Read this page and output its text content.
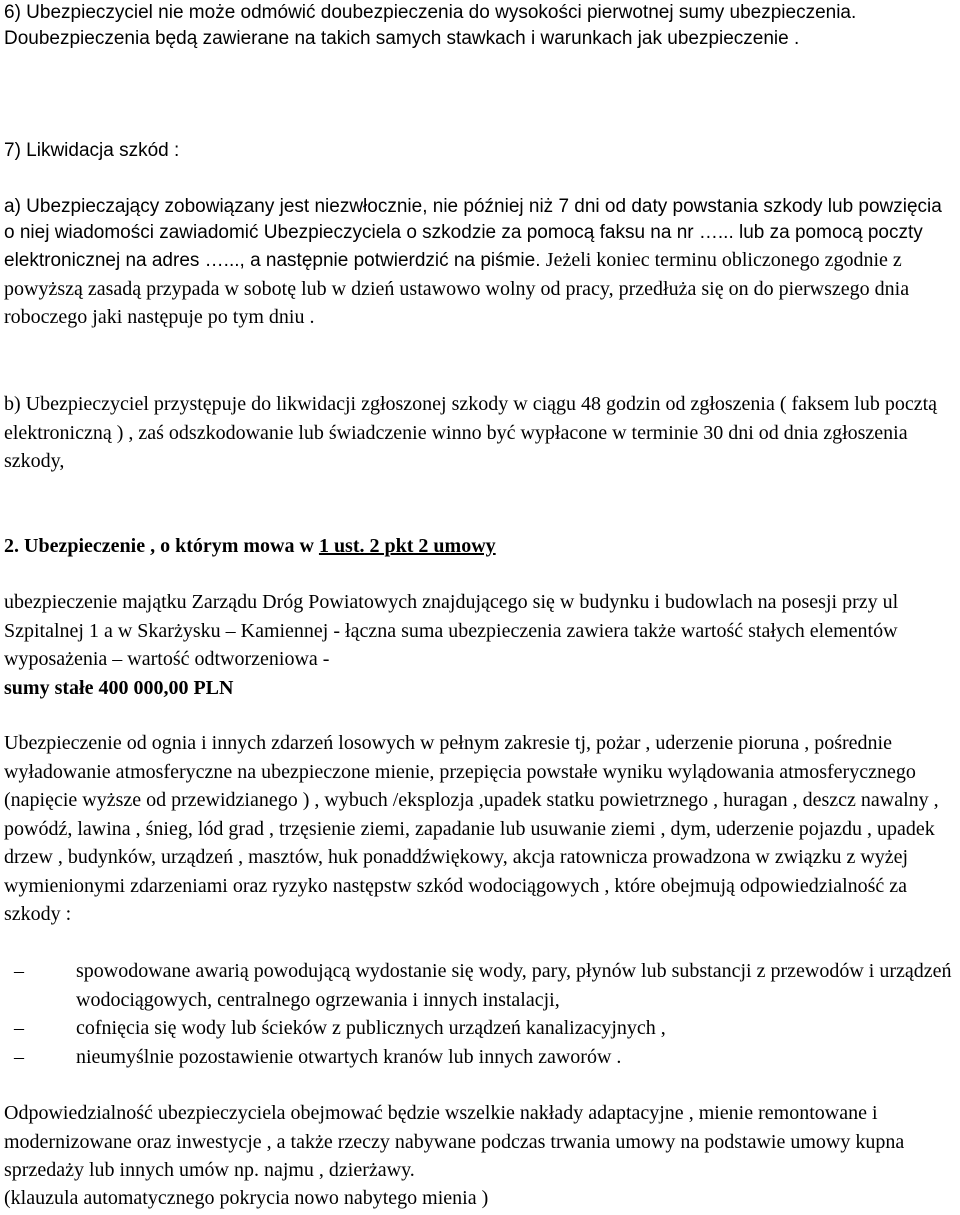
6) Ubezpieczyciel nie może odmówić doubezpieczenia do wysokości pierwotnej sumy ubezpieczenia. Doubezpieczenia będą zawierane na takich samych stawkach i warunkach jak ubezpieczenie .

7) Likwidacja szkód :

a) Ubezpieczający zobowiązany jest niezwłocznie, nie później niż 7 dni od daty powstania szkody lub powzięcia o niej wiadomości zawiadomić Ubezpieczyciela o szkodzie za pomocą faksu na nr …... lub za pomocą poczty elektronicznej na adres …..., a następnie potwierdzić na piśmie. Jeżeli koniec terminu obliczonego zgodnie z powyższą zasadą przypada w sobotę lub w dzień ustawowo wolny od pracy, przedłuża się on do pierwszego dnia roboczego jaki następuje po tym dniu .

b) Ubezpieczyciel przystępuje do likwidacji zgłoszonej szkody w ciągu 48 godzin od zgłoszenia ( faksem lub pocztą elektroniczną ) , zaś odszkodowanie lub świadczenie winno być wypłacone w terminie 30 dni od dnia zgłoszenia szkody,

2. Ubezpieczenie , o którym mowa w 1 ust. 2 pkt 2 umowy

ubezpieczenie majątku Zarządu Dróg Powiatowych znajdującego się w budynku i budowlach na posesji przy ul Szpitalnej 1 a w Skarżysku – Kamiennej - łączna suma ubezpieczenia zawiera także wartość stałych elementów wyposażenia – wartość odtworzeniowa -

sumy stałe 400 000,00 PLN

Ubezpieczenie od ognia i innych zdarzeń losowych w pełnym zakresie tj, pożar , uderzenie pioruna , pośrednie wyładowanie atmosferyczne na ubezpieczone mienie, przepięcia powstałe wyniku wylądowania atmosferycznego (napięcie wyższe od przewidzianego ) , wybuch /eksplozja ,upadek statku powietrznego , huragan , deszcz nawalny , powódź, lawina , śnieg, lód grad , trzęsienie ziemi, zapadanie lub usuwanie ziemi , dym, uderzenie pojazdu , upadek drzew , budynków, urządzeń , masztów, huk ponaddźwiękowy, akcja ratownicza prowadzona w związku z wyżej wymienionymi zdarzeniami oraz ryzyko następstw szkód wodociągowych , które obejmują odpowiedzialność za szkody :

–	spowodowane awarią powodującą wydostanie się wody, pary, płynów lub substancji z przewodów i urządzeń wodociągowych, centralnego ogrzewania i innych instalacji,
–	cofnięcia się wody lub ścieków z publicznych urządzeń kanalizacyjnych ,
–	nieumyślnie pozostawienie otwartych kranów lub innych zaworów .

Odpowiedzialność ubezpieczyciela obejmować będzie wszelkie nakłady adaptacyjne , mienie remontowane i modernizowane oraz inwestycje , a także rzeczy nabywane podczas trwania umowy na podstawie umowy kupna sprzedaży lub innych umów np. najmu , dzierżawy.

(klauzula automatycznego pokrycia nowo nabytego mienia )
